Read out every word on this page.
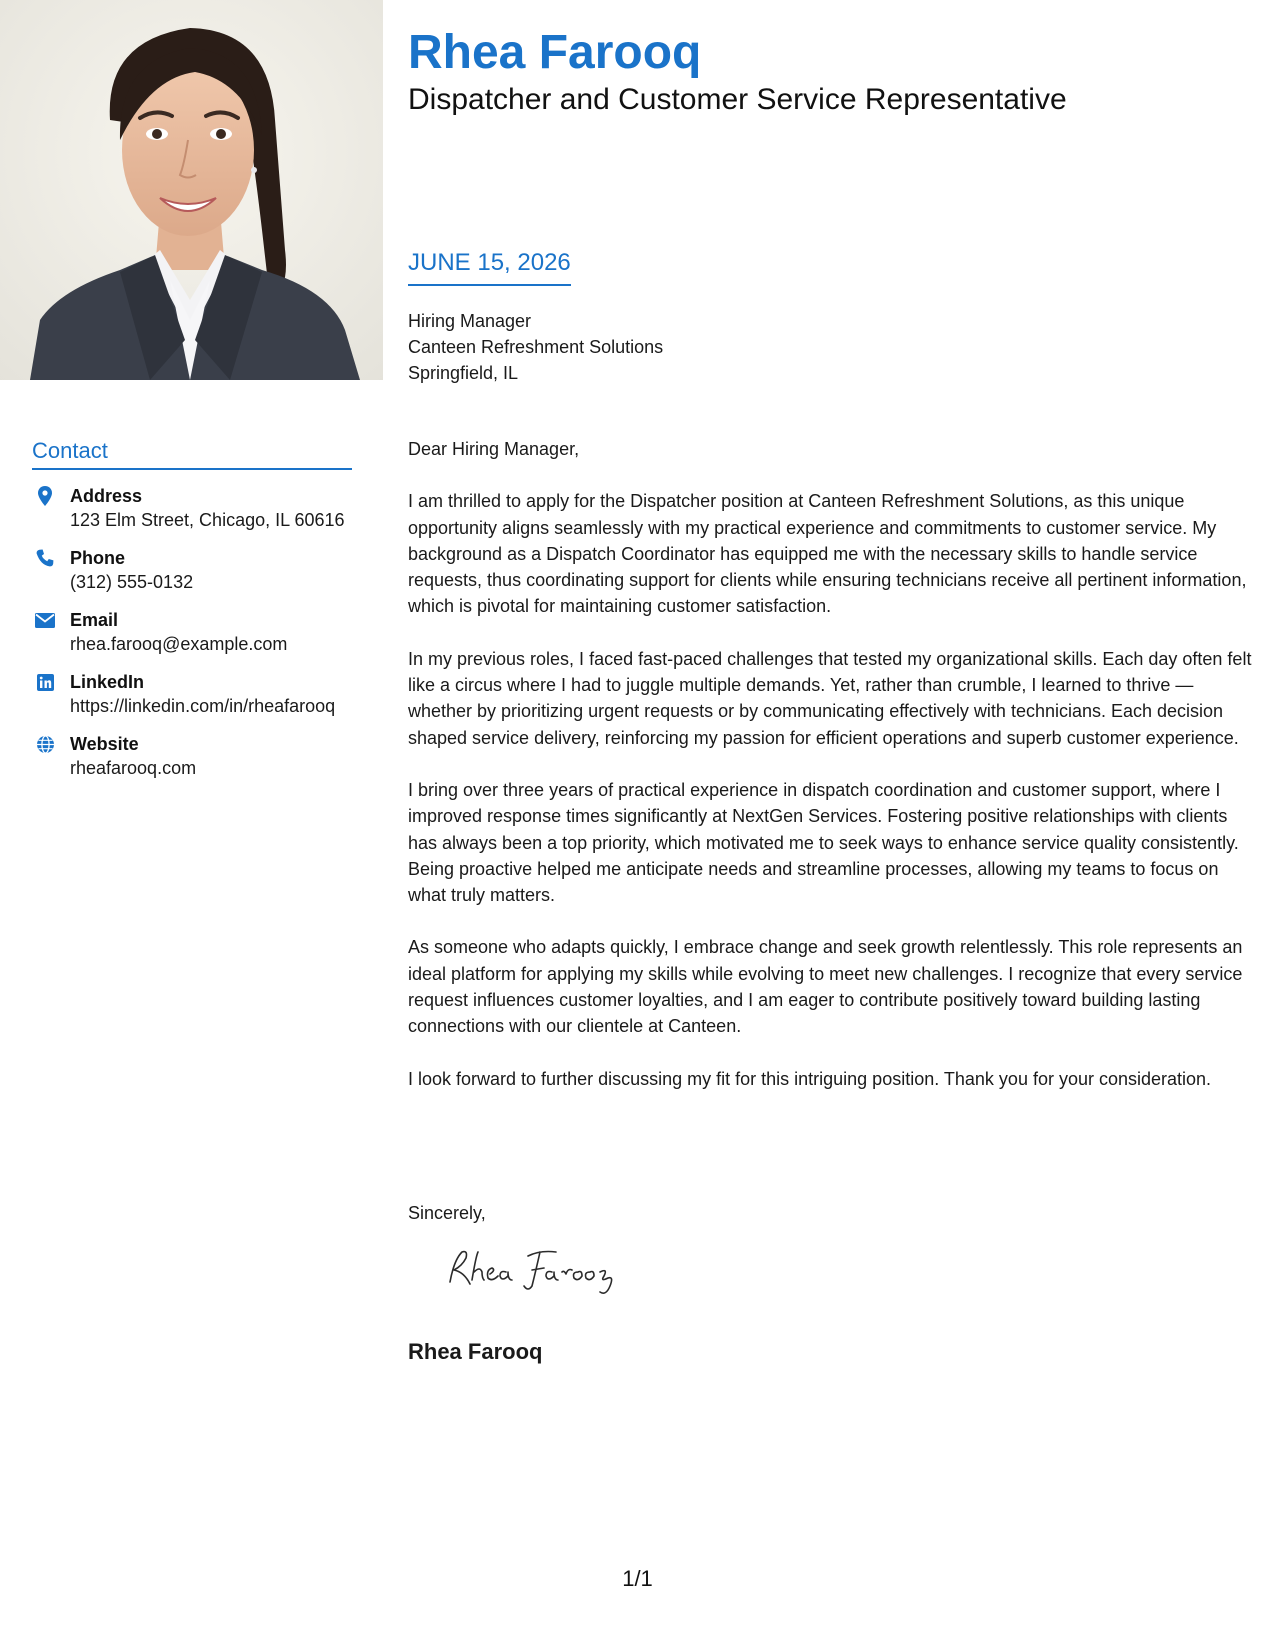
Contact
Address
123 Elm Street, Chicago, IL 60616
Phone
(312) 555-0132
Email
rhea.farooq@example.com
LinkedIn
https://linkedin.com/in/rheafarooq
Website
rheafarooq.com
Rhea Farooq
Dispatcher and Customer Service Representative
JUNE 15, 2026
Hiring Manager
Canteen Refreshment Solutions
Springfield, IL

Dear Hiring Manager,

I am thrilled to apply for the Dispatcher position at Canteen Refreshment Solutions, as this unique opportunity aligns seamlessly with my practical experience and commitments to customer service. My background as a Dispatch Coordinator has equipped me with the necessary skills to handle service requests, thus coordinating support for clients while ensuring technicians receive all pertinent information, which is pivotal for maintaining customer satisfaction.

In my previous roles, I faced fast-paced challenges that tested my organizational skills. Each day often felt like a circus where I had to juggle multiple demands. Yet, rather than crumble, I learned to thrive — whether by prioritizing urgent requests or by communicating effectively with technicians. Each decision shaped service delivery, reinforcing my passion for efficient operations and superb customer experience.

I bring over three years of practical experience in dispatch coordination and customer support, where I improved response times significantly at NextGen Services. Fostering positive relationships with clients has always been a top priority, which motivated me to seek ways to enhance service quality consistently. Being proactive helped me anticipate needs and streamline processes, allowing my teams to focus on what truly matters.

As someone who adapts quickly, I embrace change and seek growth relentlessly. This role represents an ideal platform for applying my skills while evolving to meet new challenges. I recognize that every service request influences customer loyalties, and I am eager to contribute positively toward building lasting connections with our clientele at Canteen.

I look forward to further discussing my fit for this intriguing position. Thank you for your consideration.

Sincerely,
Rhea Farooq
1/1
